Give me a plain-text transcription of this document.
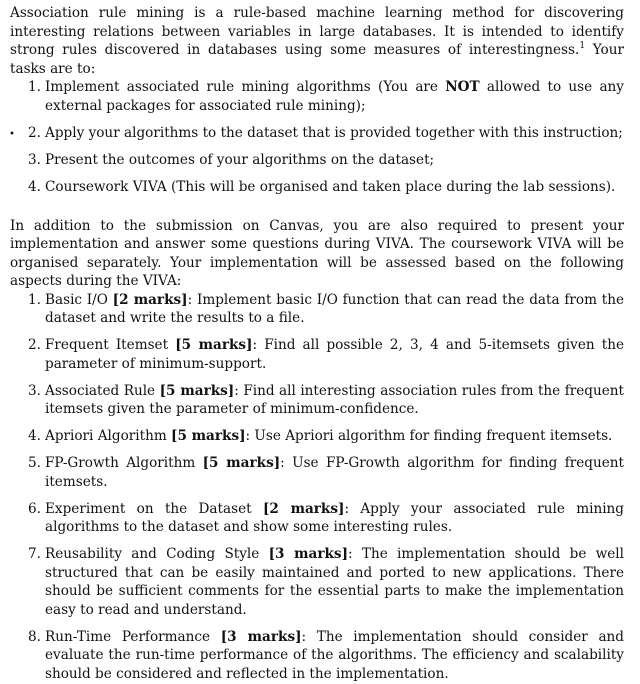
Association rule mining is a rule-based machine learning method for discovering interesting relations between variables in large databases. It is intended to identify strong rules discovered in databases using some measures of interestingness.$^1$ Your tasks are to:

•
1. Implement associated rule mining algorithms (You are NOT allowed to use any external packages for associated rule mining);
2. Apply your algorithms to the dataset that is provided together with this instruction;
3. Present the outcomes of your algorithms on the dataset;
4. Coursework VIVA (This will be organised and taken place during the lab sessions).

In addition to the submission on Canvas, you are also required to present your implementation and answer some questions during VIVA. The coursework VIVA will be organised separately. Your implementation will be assessed based on the following aspects during the VIVA:

1. Basic I/O [2 marks]: Implement basic I/O function that can read the data from the dataset and write the results to a file.
2. Frequent Itemset [5 marks]: Find all possible 2, 3, 4 and 5-itemsets given the parameter of minimum-support.
3. Associated Rule [5 marks]: Find all interesting association rules from the frequent itemsets given the parameter of minimum-confidence.
4. Apriori Algorithm [5 marks]: Use Apriori algorithm for finding frequent itemsets.
5. FP-Growth Algorithm [5 marks]: Use FP-Growth algorithm for finding frequent itemsets.
6. Experiment on the Dataset [2 marks]: Apply your associated rule mining algorithms to the dataset and show some interesting rules.
7. Reusability and Coding Style [3 marks]: The implementation should be well structured that can be easily maintained and ported to new applications. There should be sufficient comments for the essential parts to make the implementation easy to read and understand.
8. Run-Time Performance [3 marks]: The implementation should consider and evaluate the run-time performance of the algorithms. The efficiency and scalability should be considered and reflected in the implementation.
